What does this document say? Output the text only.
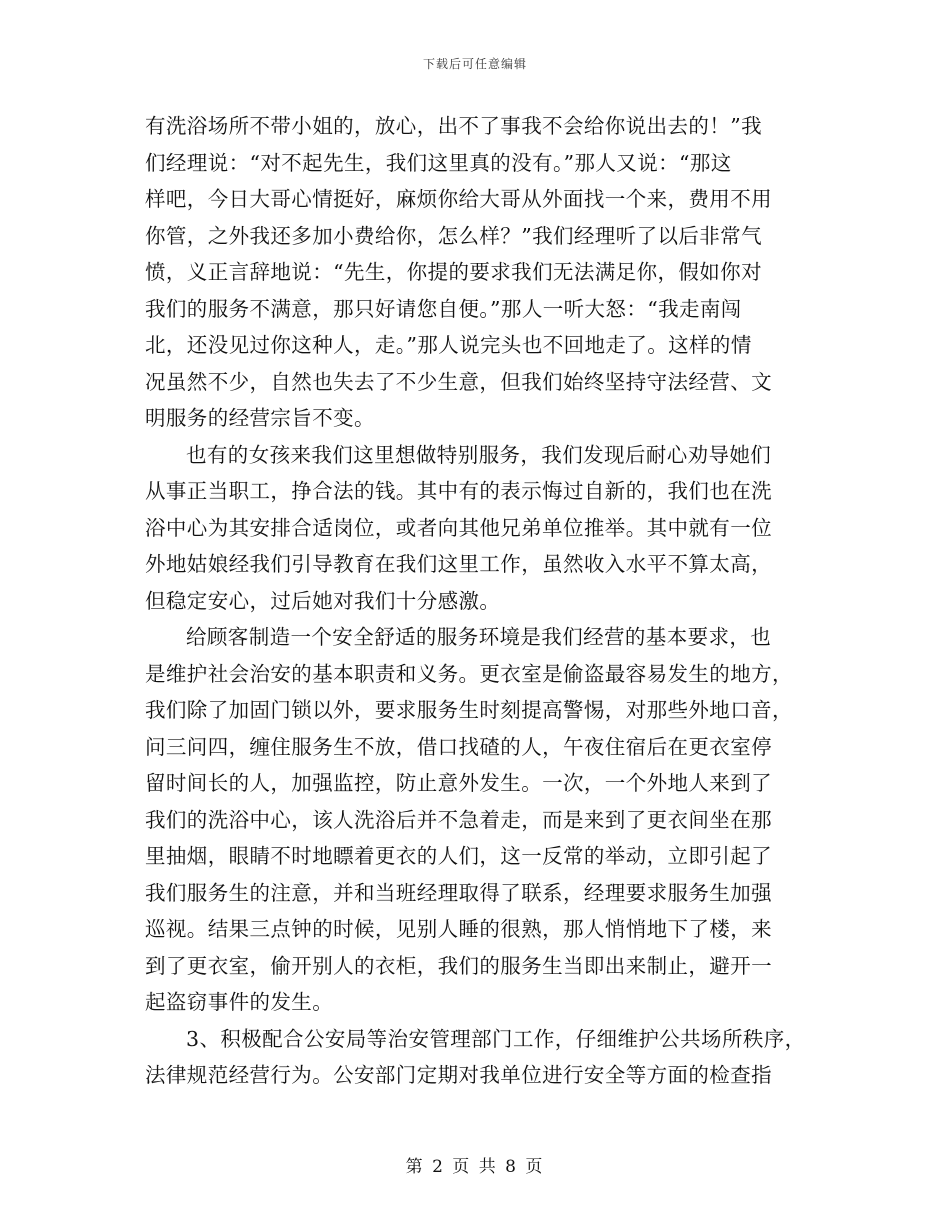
下载后可任意编辑
有洗浴场所不带小姐的，放心，出不了事我不会给你说出去的！”我
们经理说：“对不起先生，我们这里真的没有。”那人又说：“那这
样吧，今日大哥心情挺好，麻烦你给大哥从外面找一个来，费用不用
你管，之外我还多加小费给你，怎么样？”我们经理听了以后非常气
愤，义正言辞地说：“先生，你提的要求我们无法满足你，假如你对
我们的服务不满意，那只好请您自便。”那人一听大怒：“我走南闯
北，还没见过你这种人，走。”那人说完头也不回地走了。这样的情
况虽然不少，自然也失去了不少生意，但我们始终坚持守法经营、文
明服务的经营宗旨不变。
也有的女孩来我们这里想做特别服务，我们发现后耐心劝导她们
从事正当职工，挣合法的钱。其中有的表示悔过自新的，我们也在洗
浴中心为其安排合适岗位，或者向其他兄弟单位推举。其中就有一位
外地姑娘经我们引导教育在我们这里工作，虽然收入水平不算太高，
但稳定安心，过后她对我们十分感激。
给顾客制造一个安全舒适的服务环境是我们经营的基本要求，也
是维护社会治安的基本职责和义务。更衣室是偷盗最容易发生的地方，
我们除了加固门锁以外，要求服务生时刻提高警惕，对那些外地口音，
问三问四，缠住服务生不放，借口找碴的人，午夜住宿后在更衣室停
留时间长的人，加强监控，防止意外发生。一次，一个外地人来到了
我们的洗浴中心，该人洗浴后并不急着走，而是来到了更衣间坐在那
里抽烟，眼睛不时地瞟着更衣的人们，这一反常的举动，立即引起了
我们服务生的注意，并和当班经理取得了联系，经理要求服务生加强
巡视。结果三点钟的时候，见别人睡的很熟，那人悄悄地下了楼，来
到了更衣室，偷开别人的衣柜，我们的服务生当即出来制止，避开一
起盗窃事件的发生。
3、积极配合公安局等治安管理部门工作，仔细维护公共场所秩序，
法律规范经营行为。公安部门定期对我单位进行安全等方面的检查指
第 2 页 共 8 页
